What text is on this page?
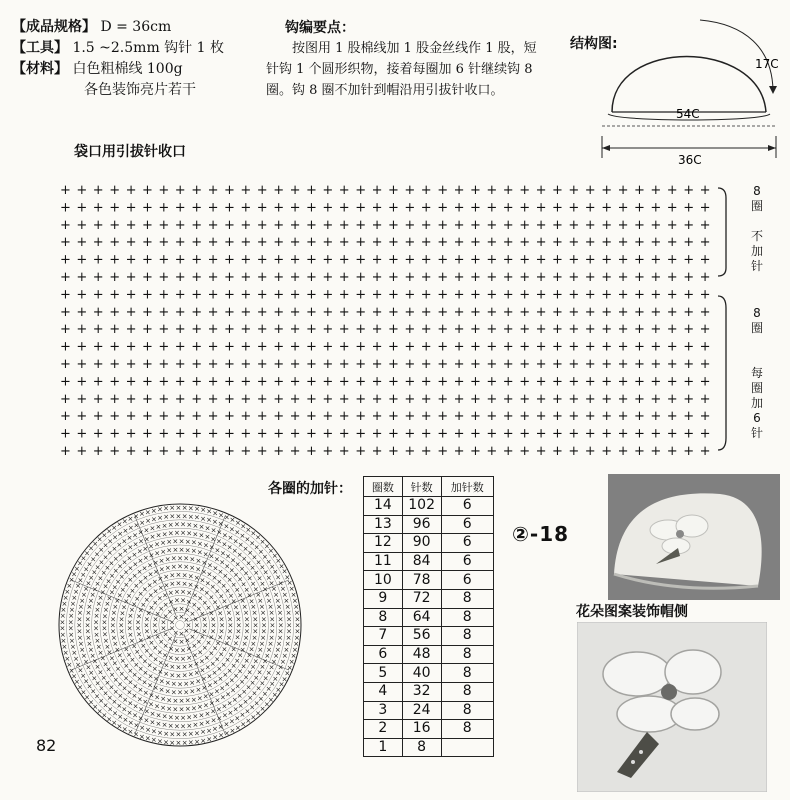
【成品规格】 D = 36cm
【工具】 1.5 ~2.5mm 钩针 1 枚
【材料】 白色粗棉线 100g
各色装饰亮片若干
钩编要点：
按图用 1 股棉线加 1 股金丝线作 1 股，短针钩 1 个圆形织物，接着每圈加 6 针继续钩 8 圈。钩 8 圈不加针到帽沿用引拔针收口。
结构图:
17C
54C
36C
袋口用引拔针收口
+ + + + + + + + + + + + + + + + + + + + + + + + + + + + + + + + + + + + + + + +
+ + + + + + + + + + + + + + + + + + + + + + + + + + + + + + + + + + + + + + + +
+ + + + + + + + + + + + + + + + + + + + + + + + + + + + + + + + + + + + + + + +
+ + + + + + + + + + + + + + + + + + + + + + + + + + + + + + + + + + + + + + + +
+ + + + + + + + + + + + + + + + + + + + + + + + + + + + + + + + + + + + + + + +
+ + + + + + + + + + + + + + + + + + + + + + + + + + + + + + + + + + + + + + + +
+ + + + + + + + + + + + + + + + + + + + + + + + + + + + + + + + + + + + + + + +
+ + + + + + + + + + + + + + + + + + + + + + + + + + + + + + + + + + + + + + + +
+ + + + + + + + + + + + + + + + + + + + + + + + + + + + + + + + + + + + + + + +
+ + + + + + + + + + + + + + + + + + + + + + + + + + + + + + + + + + + + + + + +
+ + + + + + + + + + + + + + + + + + + + + + + + + + + + + + + + + + + + + + + +
+ + + + + + + + + + + + + + + + + + + + + + + + + + + + + + + + + + + + + + + +
+ + + + + + + + + + + + + + + + + + + + + + + + + + + + + + + + + + + + + + + +
+ + + + + + + + + + + + + + + + + + + + + + + + + + + + + + + + + + + + + + + +
+ + + + + + + + + + + + + + + + + + + + + + + + + + + + + + + + + + + + + + + +
+ + + + + + + + + + + + + + + + + + + + + + + + + + + + + + + + + + + + + + + +
8
圈
不
加
针
8
圈
每
圈
加
6
针
×
×
×
×
×
×
× × ×
×
×
×
×
×
×
×
×
×
×
×
× × × × ×
×
×
×
×
×
×
×
×
×
×
×
×
×
×
×
×
×
×
× × × × × ×
×
×
×
×
×
×
×
×
×
×
×
×
×
×
×
×
×
×
×
×
×
×
×
×
×
× × × × × × × ×
×
×
×
×
×
×
×
×
×
×
×
×
×
×
×
×
×
×
×
×
×
×
×
×
×
×
×
×
×
×
×
×
× × × × × × × × × ×
×
×
×
×
×
×
×
×
×
×
×
×
×
×
×
×
×
×
×
×
×
×
×
×
×
×
×
×
×
×
×
×
×
×
×
×
×
×
× × × × × × × × × × × ×
×
×
×
×
×
×
×
×
×
×
×
×
×
×
×
×
×
×
×
×
×
×
×
×
×
×
×
×
×
×
×
×
×
×
×
×
×
×
×
×
×
×
×
×
×
× × × × × × × × × × × × ×
×
×
×
×
×
×
×
×
×
×
×
×
×
×
×
×
×
×
×
×
×
×
×
×
×
×
×
×
×
×
×
×
×
×
×
×
×
×
×
×
×
×
×
×
×
×
×
×
×
×
×
×
× × × × × × × × × × × × × × ×
×
×
×
×
×
×
×
×
×
×
×
×
×
×
×
×
×
×
×
×
×
×
×
×
×
×
×
×
×
×
×
×
×
×
×
×
×
×
×
×
×
×
×
×
×
×
×
×
×
×
×
×
×
×
×
×
×
×
×
× × × × × × × × × × × × × × × × ×
×
×
×
×
×
×
×
×
×
×
×
×
×
×
×
×
×
×
×
×
×
×
×
×
×
×
×
×
×
×
×
×
×
×
×
×
×
×
×
×
×
×
×
×
×
×
×
×
×
×
×
×
×
×
×
×
×
×
×
×
×
×
×
×
×
× × × × × × × × × × × × × × × × × × ×
×
×
×
×
×
×
×
×
×
×
×
×
×
×
×
×
×
×
×
×
×
×
×
×
×
×
×
×
×
×
×
×
×
×
×
×
×
×
×
×
×
×
×
×
×
×
×
×
×
×
×
×
×
×
×
×
×
×
×
×
×
×
×
×
×
×
×
×
×
×
×
×
× × × × × × × × × × × × × × × × × × × ×
×
×
×
×
×
×
×
×
×
×
×
×
×
×
×
×
×
×
×
×
×
×
×
×
×
×
×
×
×
×
×
×
×
×
×
×
×
×
×
×
×
×
×
×
×
×
×
×
×
×
×
×
×
×
×
×
×
×
×
×
×
×
×
×
×
×
×
×
×
×
×
×
×
×
×
×
×
×
×
× × × × × × × × × × × × × × × × × × × × × ×
×
×
×
×
×
×
×
×
×
×
×
×
×
×
×
×
×
×
×
×
×
×
×
×
×
×
×
×
×
×
×
×
×
×
×
×
×
×
×
×
×
×
×
×
×
×
×
×
×
×
×
×
×
×
×
×
×
×
×
×
×
×
×
×
×
×
×
×
×
×
×
×
×
×
×
×
×
×
×
×
×
×
×
×
×
×
× × × × × × × × × × × × × × × × × × × × × × × ×
×
×
×
×
×
×
×
×
×
×
×
×
×
×
×
×
×
×
×
×
×
×
×
×
×
×
×
×
×
×
×
×
×
×
×
×
×
×
×
×
×
×
×
×
×
×
×
×
×
×
×
×
×
×
×
×
×
×
×
×
×
×
×
×
×
×
×
×
×
×
×
×
×
×
×
×
×
×
×
×
×
×
×
×
×
×
×
×
×
×
×
×
× × × × × × × × × × × × × × × × × × × × × × × × × ×
×
×
×
×
×
×
×
×
×
×
×
×
×
×
×
×
各圈的加针： 圈数	针数	加针数
14	102	6
13	96	6
12	90	6
11	84	6
10	78	6
9	72	8
8	64	8
7	56	8
6	48	8
5	40	8
4	32	8
3	24	8
2	16	8
1	8	
②-18
花朵图案装饰帽侧
82
